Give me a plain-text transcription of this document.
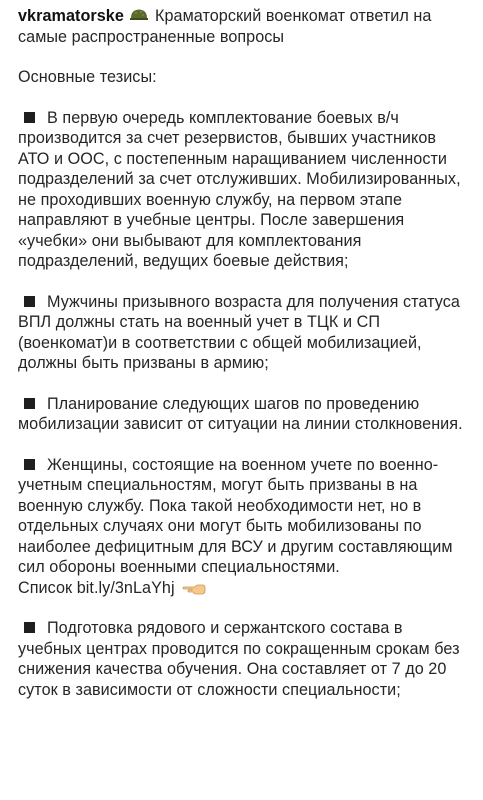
vkramatorske Краматорский военкомат ответил на самые распространенные вопросы
Основные тезисы:
В первую очередь комплектование боевых в/ч производится за счет резервистов, бывших участников АТО и ООС, с постепенным наращиванием численности подразделений за счет отслуживших. Мобилизированных, не проходивших военную службу, на первом этапе направляют в учебные центры. После завершения «учебки» они выбывают для комплектования подразделений, ведущих боевые действия;
Мужчины призывного возраста для получения статуса ВПЛ должны стать на военный учет в ТЦК и СП (военкомат)и в соответствии с общей мобилизацией, должны быть призваны в армию;
Планирование следующих шагов по проведению мобилизации зависит от ситуации на линии столкновения.
Женщины, состоящие на военном учете по военно-учетным специальностям, могут быть призваны в на военную службу. Пока такой необходимости нет, но в отдельных случаях они могут быть мобилизованы по наиболее дефицитным для ВСУ и другим составляющим сил обороны военными специальностями.
Список bit.ly/3nLaYhj
Подготовка рядового и сержантского состава в учебных центрах проводится по сокращенным срокам без снижения качества обучения. Она составляет от 7 до 20 суток в зависимости от сложности специальности;
